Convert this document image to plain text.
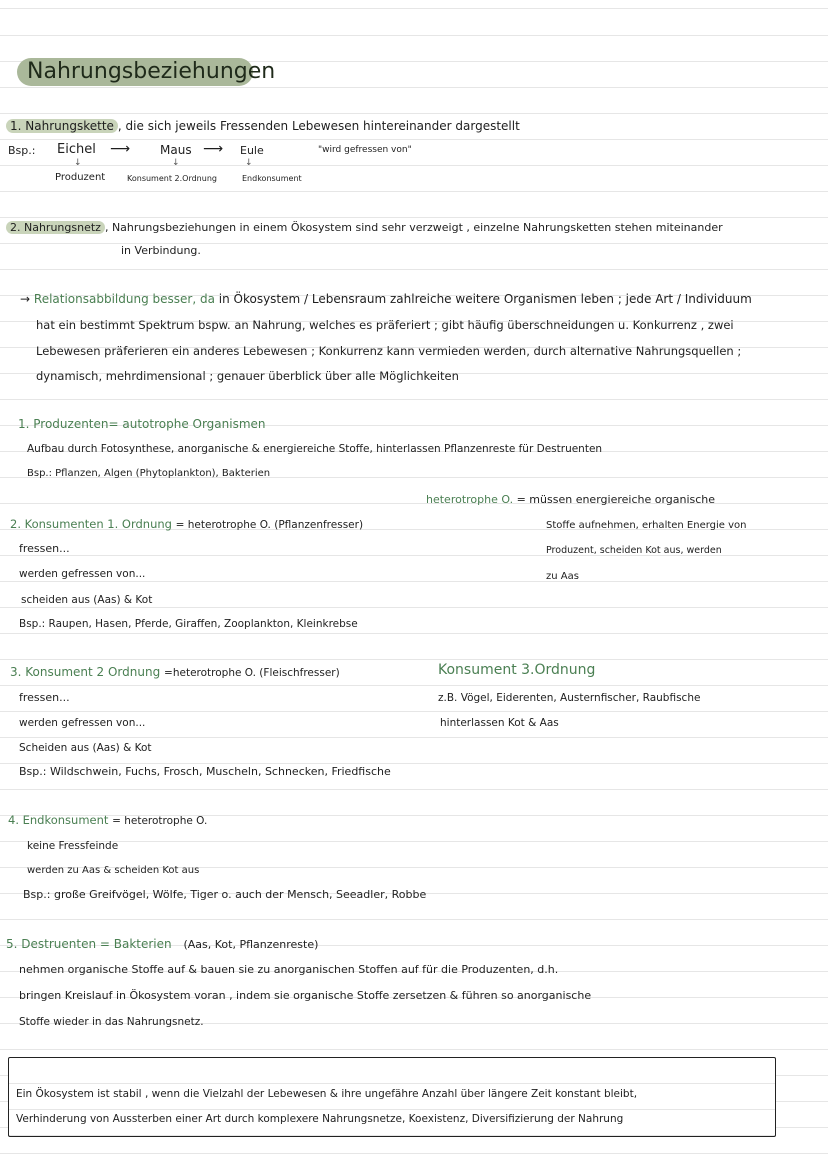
Nahrungsbeziehungen
1. Nahrungskette , die sich jeweils Fressenden Lebewesen hintereinander dargestellt
Bsp.: Eichel ⟶ Maus ⟶ Eule	"wird gefressen von"
↓	↓	↓
Produzent	Konsument 2.Ordnung	Endkonsument
2. Nahrungsnetz , Nahrungsbeziehungen in einem Ökosystem sind sehr verzweigt , einzelne Nahrungsketten stehen miteinander
in Verbindung.
→ Relationsabbildung besser, da in Ökosystem / Lebensraum zahlreiche weitere Organismen leben ; jede Art / Individuum
hat ein bestimmt Spektrum bspw. an Nahrung, welches es präferiert ; gibt häufig überschneidungen u. Konkurrenz , zwei
Lebewesen präferieren ein anderes Lebewesen ; Konkurrenz kann vermieden werden, durch alternative Nahrungsquellen ;
dynamisch, mehrdimensional ; genauer überblick über alle Möglichkeiten
1. Produzenten= autotrophe Organismen
Aufbau durch Fotosynthese, anorganische & energiereiche Stoffe, hinterlassen Pflanzenreste für Destruenten
Bsp.: Pflanzen, Algen (Phytoplankton), Bakterien
heterotrophe O. = müssen energiereiche organische
Stoffe aufnehmen, erhalten Energie von
Produzent, scheiden Kot aus, werden
zu Aas
2. Konsumenten 1. Ordnung = heterotrophe O. (Pflanzenfresser)
fressen...
werden gefressen von...
scheiden aus (Aas) & Kot
Bsp.: Raupen, Hasen, Pferde, Giraffen, Zooplankton, Kleinkrebse
3. Konsument 2 Ordnung =heterotrophe O. (Fleischfresser)
fressen...
werden gefressen von...
Scheiden aus (Aas) & Kot
Bsp.: Wildschwein, Fuchs, Frosch, Muscheln, Schnecken, Friedfische
Konsument 3.Ordnung
z.B. Vögel, Eiderenten, Austernfischer, Raubfische
hinterlassen Kot & Aas
4. Endkonsument = heterotrophe O.
keine Fressfeinde
werden zu Aas & scheiden Kot aus
Bsp.: große Greifvögel, Wölfe, Tiger o. auch der Mensch, Seeadler, Robbe
5. Destruenten = Bakterien (Aas, Kot, Pflanzenreste)
nehmen organische Stoffe auf & bauen sie zu anorganischen Stoffen auf für die Produzenten, d.h.
bringen Kreislauf in Ökosystem voran , indem sie organische Stoffe zersetzen & führen so anorganische
Stoffe wieder in das Nahrungsnetz.
Ein Ökosystem ist stabil , wenn die Vielzahl der Lebewesen & ihre ungefähre Anzahl über längere Zeit konstant bleibt,
Verhinderung von Aussterben einer Art durch komplexere Nahrungsnetze, Koexistenz, Diversifizierung der Nahrung
